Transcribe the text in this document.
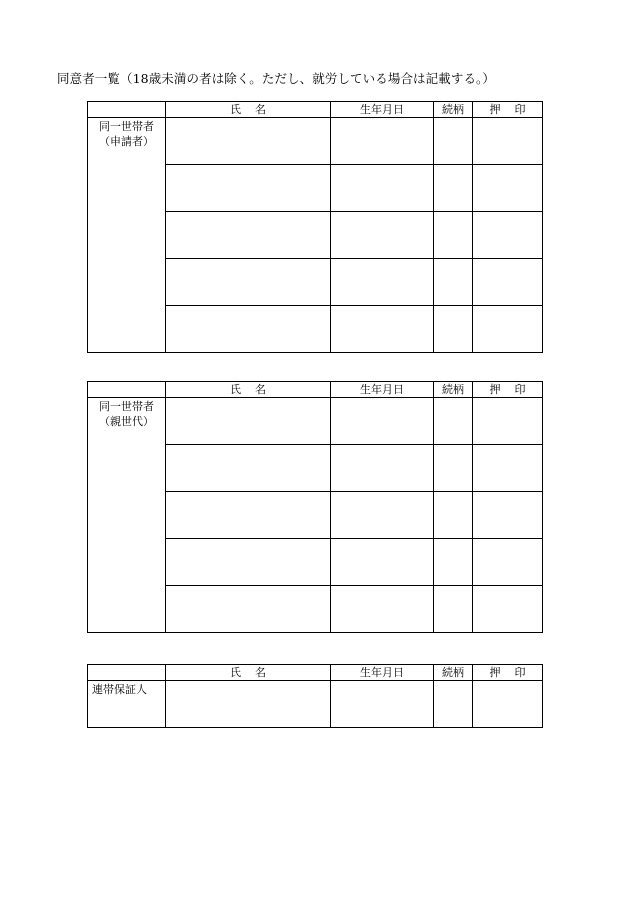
同意者一覧（18歳未満の者は除く。ただし、就労している場合は記載する。）
	氏名	生年月日	続柄	押印

同一世帯者
（申請者）				

	氏名	生年月日	続柄	押印

同一世帯者
（親世代）				

	氏名	生年月日	続柄	押印

連帯保証人				
